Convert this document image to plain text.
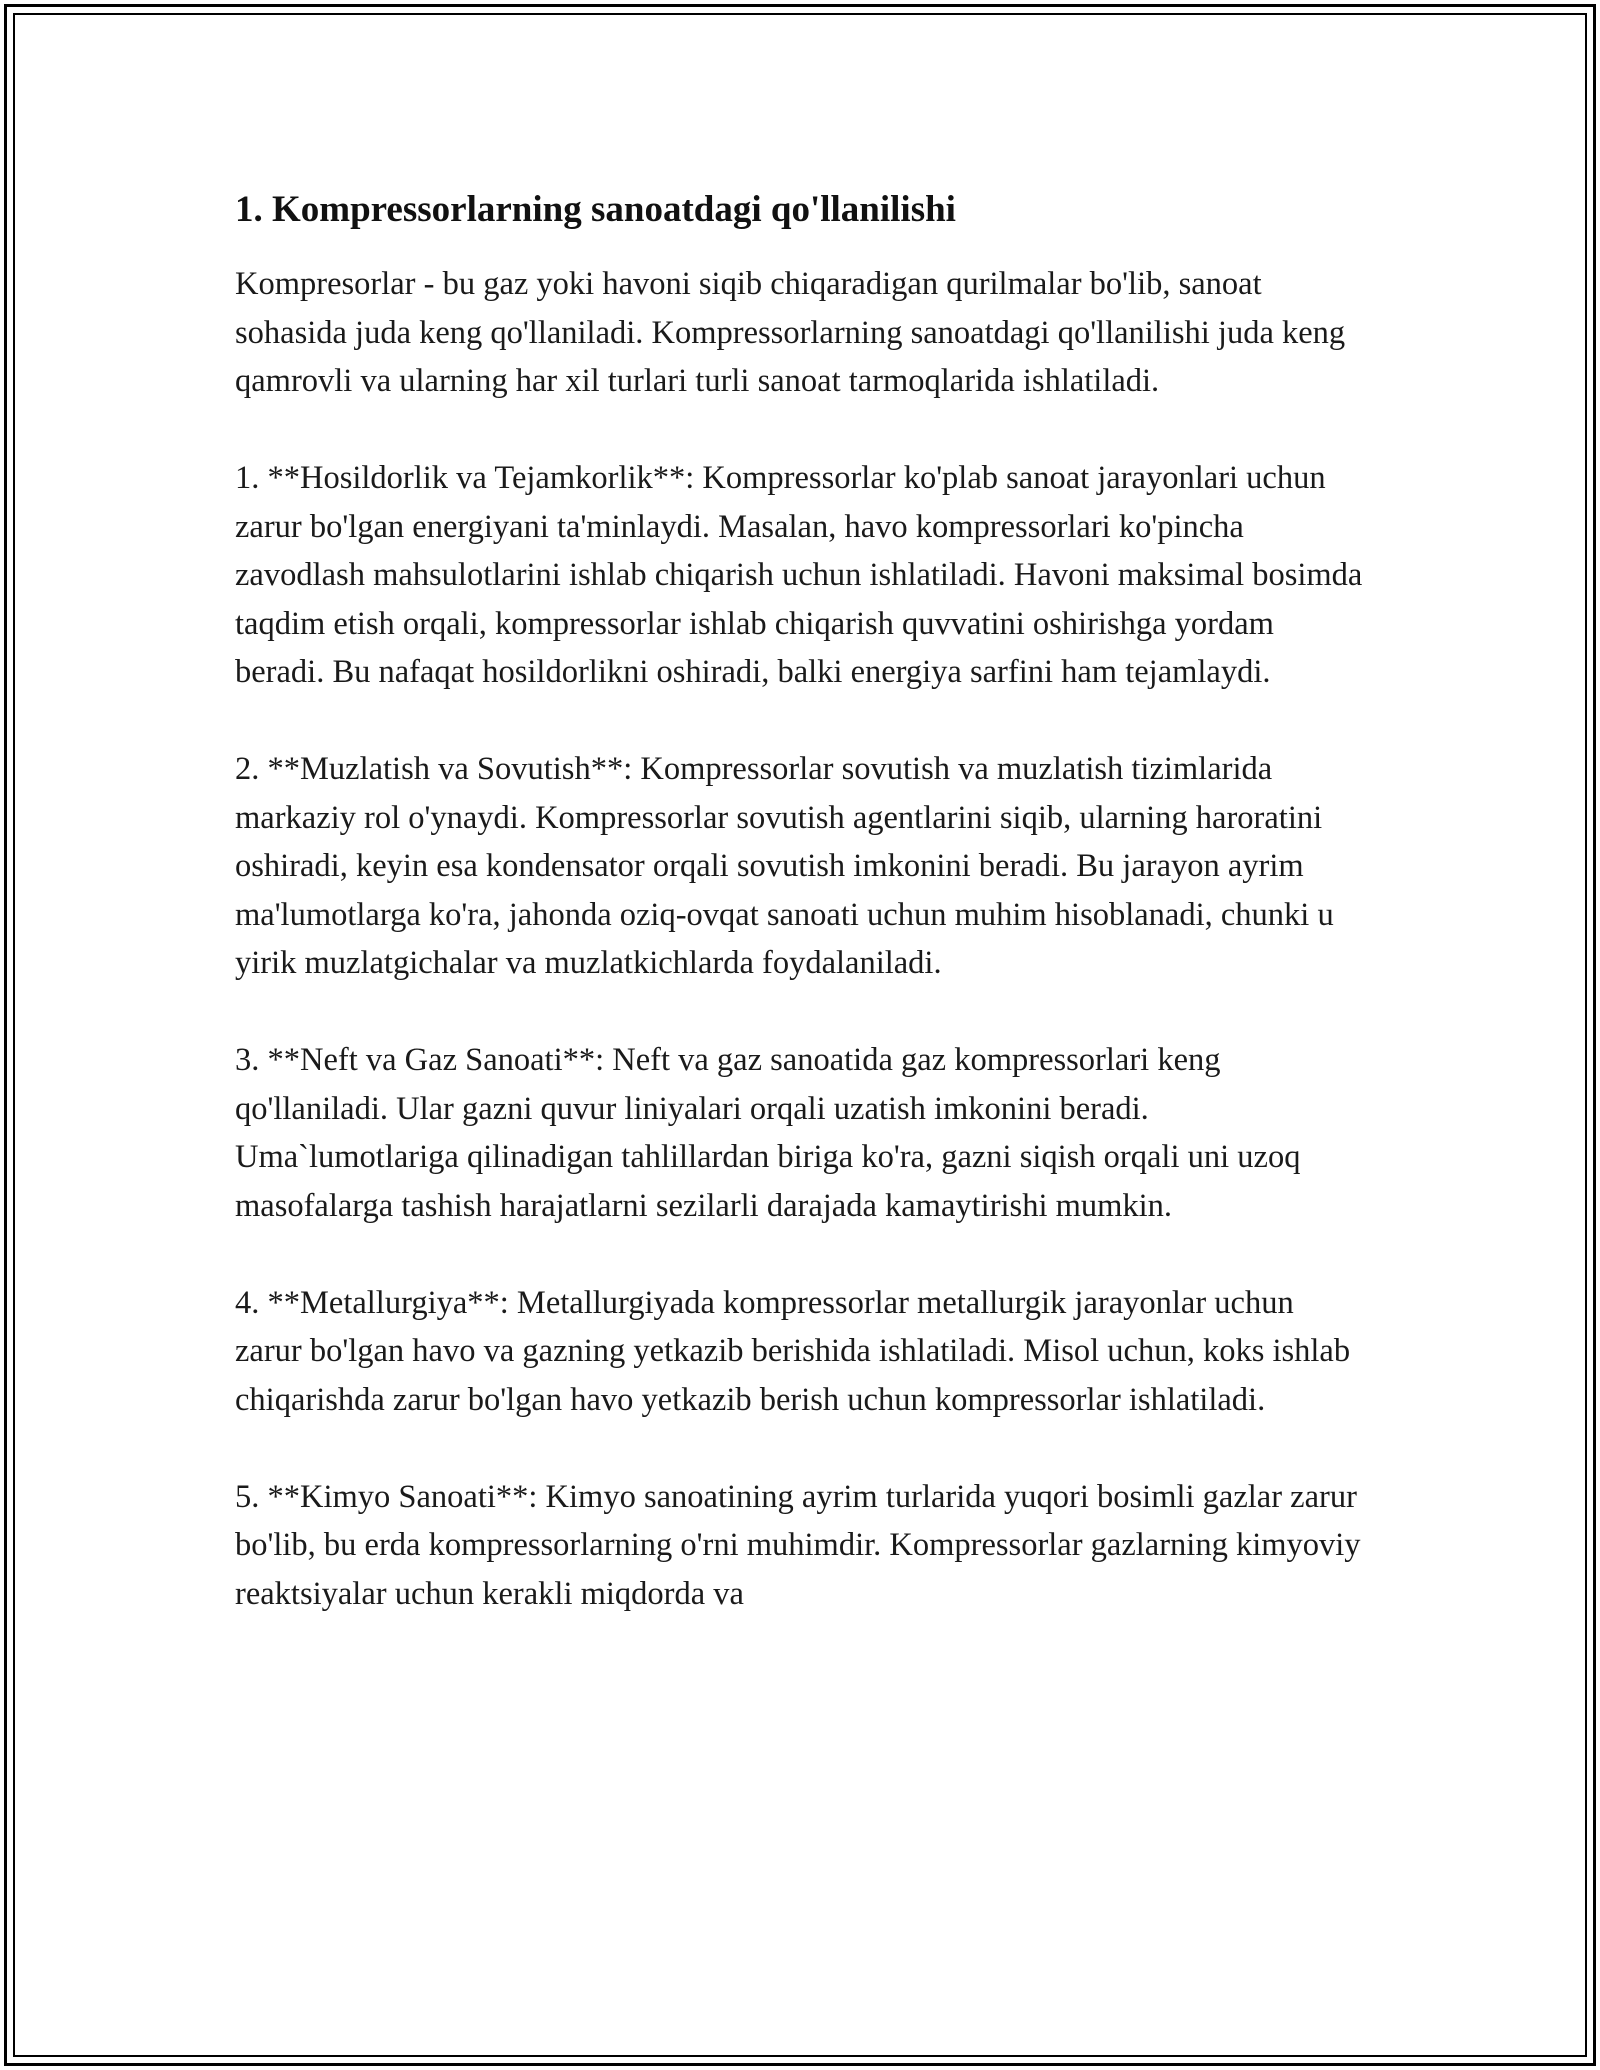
1. Kompressorlarning sanoatdagi qo'llanilishi

Kompresorlar - bu gaz yoki havoni siqib chiqaradigan qurilmalar bo'lib, sanoat sohasida juda keng qo'llaniladi. Kompressorlarning sanoatdagi qo'llanilishi juda keng qamrovli va ularning har xil turlari turli sanoat tarmoqlarida ishlatiladi.

1. **Hosildorlik va Tejamkorlik**: Kompressorlar ko'plab sanoat jarayonlari uchun zarur bo'lgan energiyani ta'minlaydi. Masalan, havo kompressorlari ko'pincha zavodlash mahsulotlarini ishlab chiqarish uchun ishlatiladi. Havoni maksimal bosimda taqdim etish orqali, kompressorlar ishlab chiqarish quvvatini oshirishga yordam beradi. Bu nafaqat hosildorlikni oshiradi, balki energiya sarfini ham tejamlaydi.

2. **Muzlatish va Sovutish**: Kompressorlar sovutish va muzlatish tizimlarida markaziy rol o'ynaydi. Kompressorlar sovutish agentlarini siqib, ularning haroratini oshiradi, keyin esa kondensator orqali sovutish imkonini beradi. Bu jarayon ayrim ma'lumotlarga ko'ra, jahonda oziq-ovqat sanoati uchun muhim hisoblanadi, chunki u yirik muzlatgichalar va muzlatkichlarda foydalaniladi.

3. **Neft va Gaz Sanoati**: Neft va gaz sanoatida gaz kompressorlari keng qo'llaniladi. Ular gazni quvur liniyalari orqali uzatish imkonini beradi. Uma`lumotlariga qilinadigan tahlillardan biriga ko'ra, gazni siqish orqali uni uzoq masofalarga tashish harajatlarni sezilarli darajada kamaytirishi mumkin.

4. **Metallurgiya**: Metallurgiyada kompressorlar metallurgik jarayonlar uchun zarur bo'lgan havo va gazning yetkazib berishida ishlatiladi. Misol uchun, koks ishlab chiqarishda zarur bo'lgan havo yetkazib berish uchun kompressorlar ishlatiladi.

5. **Kimyo Sanoati**: Kimyo sanoatining ayrim turlarida yuqori bosimli gazlar zarur bo'lib, bu erda kompressorlarning o'rni muhimdir. Kompressorlar gazlarning kimyoviy reaktsiyalar uchun kerakli miqdorda va
